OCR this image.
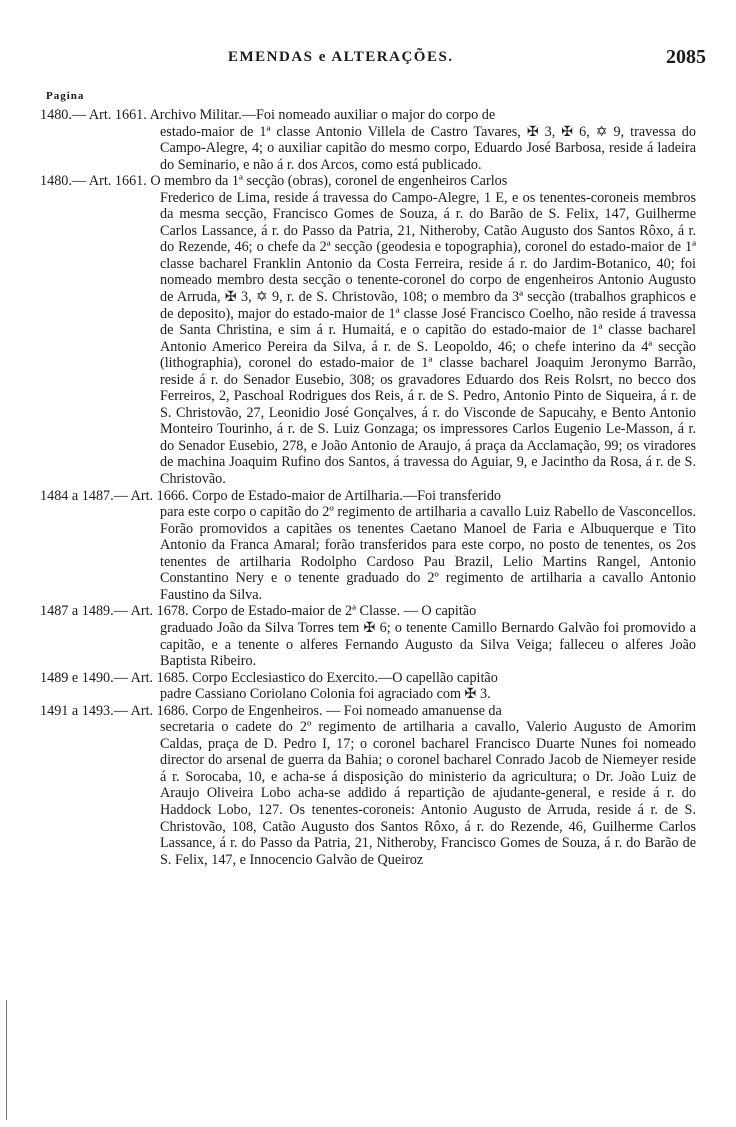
EMENDAS e ALTERAÇÕES.	2085
Pagina
1480.— Art. 1661. Archivo Militar.—Foi nomeado auxiliar o major do corpo de
estado-maior de 1ª classe Antonio Villela de Castro Tavares, ✠ 3, ✠ 6, ✡ 9, travessa do Campo-Alegre, 4; o auxiliar capitão do mesmo corpo, Eduardo José Barbosa, reside á ladeira do Seminario, e não á r. dos Arcos, como está publicado.
1480.— Art. 1661. O membro da 1ª secção (obras), coronel de engenheiros Carlos
Frederico de Lima, reside á travessa do Campo-Alegre, 1 E, e os tenentes-coroneis membros da mesma secção, Francisco Gomes de Souza, á r. do Barão de S. Felix, 147, Guilherme Carlos Lassance, á r. do Passo da Patria, 21, Nitheroby, Catão Augusto dos Santos Rôxo, á r. do Rezende, 46; o chefe da 2ª secção (geodesia e topographia), coronel do estado-maior de 1ª classe bacharel Franklin Antonio da Costa Ferreira, reside á r. do Jardim-Botanico, 40; foi nomeado membro desta secção o tenente-coronel do corpo de engenheiros Antonio Augusto de Arruda, ✠ 3, ✡ 9, r. de S. Christovão, 108; o membro da 3ª secção (trabalhos graphicos e de deposito), major do estado-maior de 1ª classe José Francisco Coelho, não reside á travessa de Santa Christina, e sim á r. Humaitá, e o capitão do estado-maior de 1ª classe bacharel Antonio Americo Pereira da Silva, á r. de S. Leopoldo, 46; o chefe interino da 4ª secção (lithographia), coronel do estado-maior de 1ª classe bacharel Joaquim Jeronymo Barrão, reside á r. do Senador Eusebio, 308; os gravadores Eduardo dos Reis Rolsrt, no becco dos Ferreiros, 2, Paschoal Rodrigues dos Reis, á r. de S. Pedro, Antonio Pinto de Siqueira, á r. de S. Christovão, 27, Leonidio José Gonçalves, á r. do Visconde de Sapucahy, e Bento Antonio Monteiro Tourinho, á r. de S. Luiz Gonzaga; os impressores Carlos Eugenio Le-Masson, á r. do Senador Eusebio, 278, e João Antonio de Araujo, á praça da Acclamação, 99; os viradores de machina Joaquim Rufino dos Santos, á travessa do Aguiar, 9, e Jacintho da Rosa, á r. de S. Christovão.
1484 a 1487.— Art. 1666. Corpo de Estado-maior de Artilharia.—Foi transferido
para este corpo o capitão do 2º regimento de artilharia a cavallo Luiz Rabello de Vasconcellos. Forão promovidos a capitães os tenentes Caetano Manoel de Faria e Albuquerque e Tito Antonio da Franca Amaral; forão transferidos para este corpo, no posto de tenentes, os 2os tenentes de artilharia Rodolpho Cardoso Pau Brazil, Lelio Martins Rangel, Antonio Constantino Nery e o tenente graduado do 2º regimento de artilharia a cavallo Antonio Faustino da Silva.
1487 a 1489.— Art. 1678. Corpo de Estado-maior de 2ª Classe. — O capitão
graduado João da Silva Torres tem ✠ 6; o tenente Camillo Bernardo Galvão foi promovido a capitão, e a tenente o alferes Fernando Augusto da Silva Veiga; falleceu o alferes João Baptista Ribeiro.
1489 e 1490.— Art. 1685. Corpo Ecclesiastico do Exercito.—O capellão capitão
padre Cassiano Coriolano Colonia foi agraciado com ✠ 3.
1491 a 1493.— Art. 1686. Corpo de Engenheiros. — Foi nomeado amanuense da
secretaria o cadete do 2º regimento de artilharia a cavallo, Valerio Augusto de Amorim Caldas, praça de D. Pedro I, 17; o coronel bacharel Francisco Duarte Nunes foi nomeado director do arsenal de guerra da Bahia; o coronel bacharel Conrado Jacob de Niemeyer reside á r. Sorocaba, 10, e acha-se á disposição do ministerio da agricultura; o Dr. João Luiz de Araujo Oliveira Lobo acha-se addido á repartição de ajudante-general, e reside á r. do Haddock Lobo, 127. Os tenentes-coroneis: Antonio Augusto de Arruda, reside á r. de S. Christovão, 108, Catão Augusto dos Santos Rôxo, á r. do Rezende, 46, Guilherme Carlos Lassance, á r. do Passo da Patria, 21, Nitheroby, Francisco Gomes de Souza, á r. do Barão de S. Felix, 147, e Innocencio Galvão de Queiroz
